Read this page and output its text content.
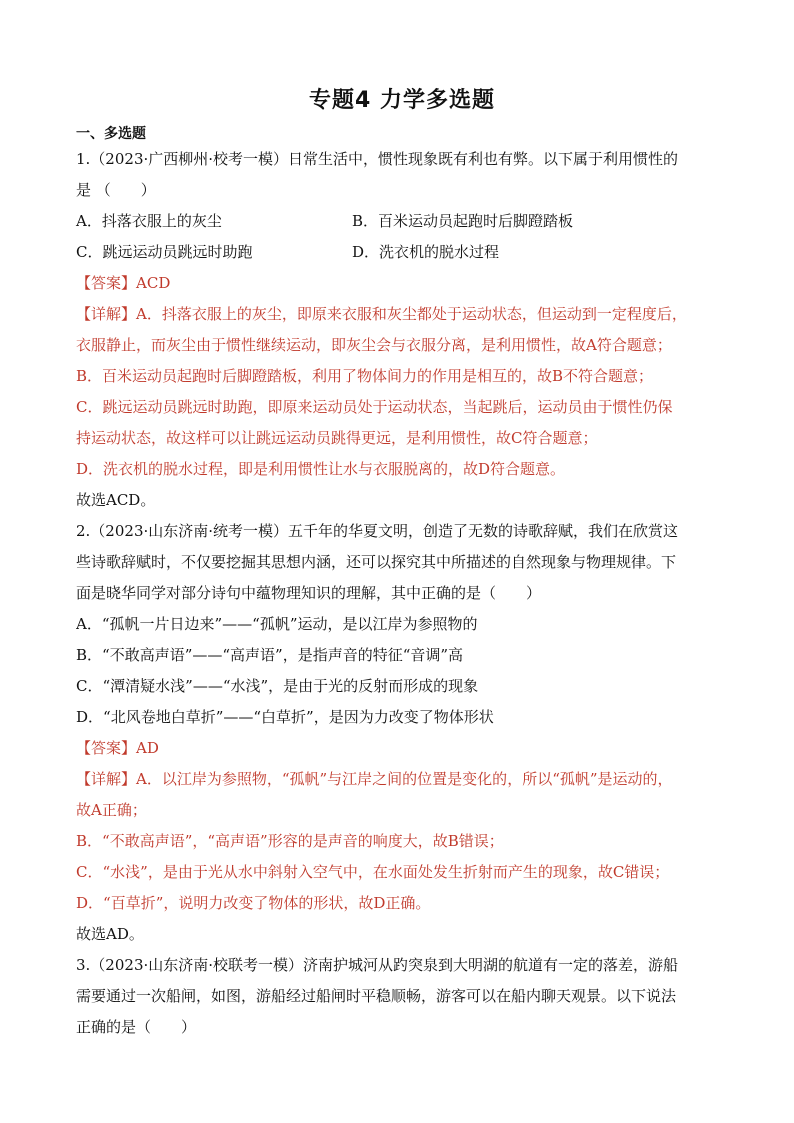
专题4 力学多选题
一、多选题
1.（2023·广西柳州·校考一模）日常生活中，惯性现象既有利也有弊。以下属于利用惯性的
是 （　　）
A．抖落衣服上的灰尘	B．百米运动员起跑时后脚蹬踏板
C．跳远运动员跳远时助跑	D．洗衣机的脱水过程
【答案】ACD
【详解】A．抖落衣服上的灰尘，即原来衣服和灰尘都处于运动状态，但运动到一定程度后，
衣服静止，而灰尘由于惯性继续运动，即灰尘会与衣服分离，是利用惯性，故A符合题意；
B．百米运动员起跑时后脚蹬踏板，利用了物体间力的作用是相互的，故B不符合题意；
C．跳远运动员跳远时助跑，即原来运动员处于运动状态，当起跳后，运动员由于惯性仍保
持运动状态，故这样可以让跳远运动员跳得更远，是利用惯性，故C符合题意；
D．洗衣机的脱水过程，即是利用惯性让水与衣服脱离的，故D符合题意。
故选ACD。
2.（2023·山东济南·统考一模）五千年的华夏文明，创造了无数的诗歌辞赋，我们在欣赏这
些诗歌辞赋时，不仅要挖掘其思想内涵，还可以探究其中所描述的自然现象与物理规律。下
面是晓华同学对部分诗句中蕴物理知识的理解，其中正确的是（　　）
A．“孤帆一片日边来”——“孤帆”运动，是以江岸为参照物的
B．“不敢高声语”——“高声语”，是指声音的特征“音调”高
C．“潭清疑水浅”——“水浅”，是由于光的反射而形成的现象
D．“北风卷地白草折”——“白草折”，是因为力改变了物体形状
【答案】AD
【详解】A．以江岸为参照物，“孤帆”与江岸之间的位置是变化的，所以“孤帆”是运动的，
故A正确；
B．“不敢高声语”，“高声语”形容的是声音的响度大，故B错误；
C．“水浅”，是由于光从水中斜射入空气中，在水面处发生折射而产生的现象，故C错误；
D．“百草折”，说明力改变了物体的形状，故D正确。
故选AD。
3.（2023·山东济南·校联考一模）济南护城河从趵突泉到大明湖的航道有一定的落差，游船
需要通过一次船闸，如图，游船经过船闸时平稳顺畅，游客可以在船内聊天观景。以下说法
正确的是（　　）
